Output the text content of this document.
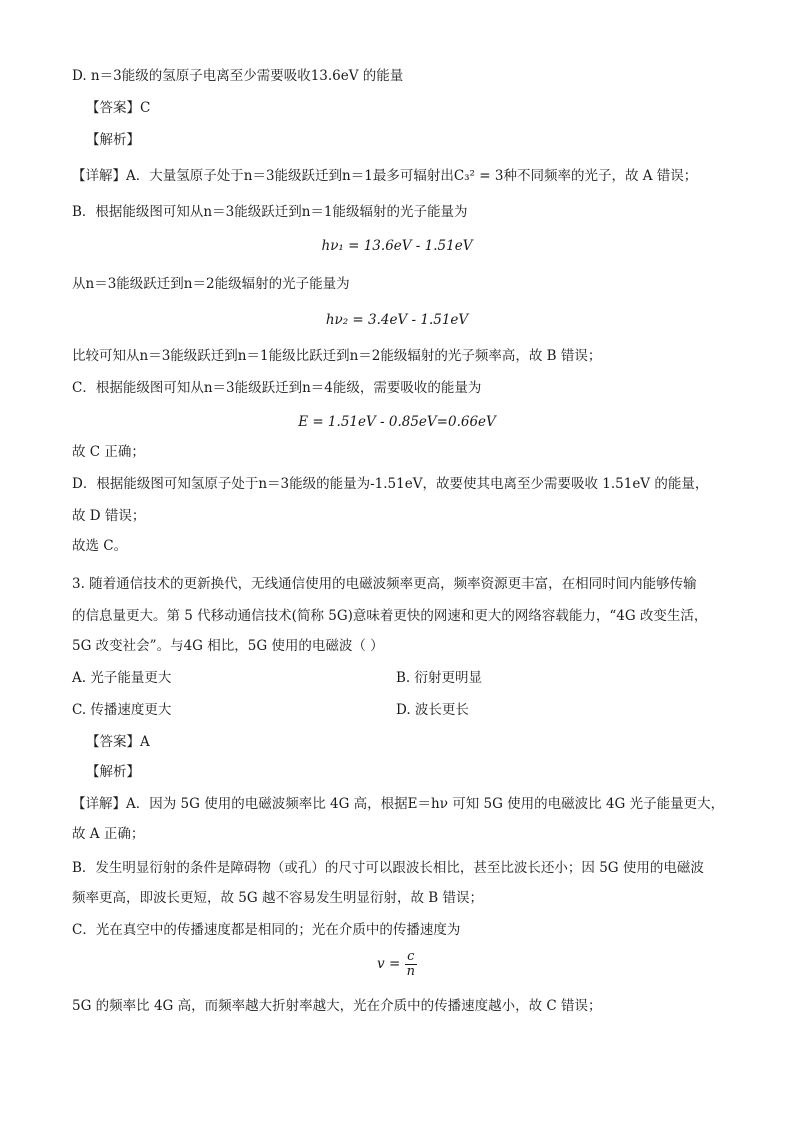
D. n＝3能级的氢原子电离至少需要吸收13.6eV 的能量
【答案】C
【解析】
【详解】A．大量氢原子处于n＝3能级跃迁到n＝1最多可辐射出C₃² = 3种不同频率的光子，故 A 错误；
B．根据能级图可知从n＝3能级跃迁到n＝1能级辐射的光子能量为
hν₁ = 13.6eV - 1.51eV
从n＝3能级跃迁到n＝2能级辐射的光子能量为
hν₂ = 3.4eV - 1.51eV
比较可知从n＝3能级跃迁到n＝1能级比跃迁到n＝2能级辐射的光子频率高，故 B 错误；
C．根据能级图可知从n＝3能级跃迁到n＝4能级，需要吸收的能量为
E = 1.51eV - 0.85eV=0.66eV
故 C 正确；
D．根据能级图可知氢原子处于n＝3能级的能量为-1.51eV，故要使其电离至少需要吸收 1.51eV 的能量，
故 D 错误；
故选 C。
3. 随着通信技术的更新换代，无线通信使用的电磁波频率更高，频率资源更丰富，在相同时间内能够传输
的信息量更大。第 5 代移动通信技术(简称 5G)意味着更快的网速和更大的网络容载能力，“4G 改变生活，
5G 改变社会”。与4G 相比，5G 使用的电磁波（ ）
A. 光子能量更大	B. 衍射更明显
C. 传播速度更大	D. 波长更长
【答案】A
【解析】
【详解】A．因为 5G 使用的电磁波频率比 4G 高，根据E＝hν 可知 5G 使用的电磁波比 4G 光子能量更大，
故 A 正确；
B．发生明显衍射的条件是障碍物（或孔）的尺寸可以跟波长相比，甚至比波长还小；因 5G 使用的电磁波
频率更高，即波长更短，故 5G 越不容易发生明显衍射，故 B 错误；
C．光在真空中的传播速度都是相同的；光在介质中的传播速度为
$v = \frac{c}{n}$
5G 的频率比 4G 高，而频率越大折射率越大，光在介质中的传播速度越小，故 C 错误；
